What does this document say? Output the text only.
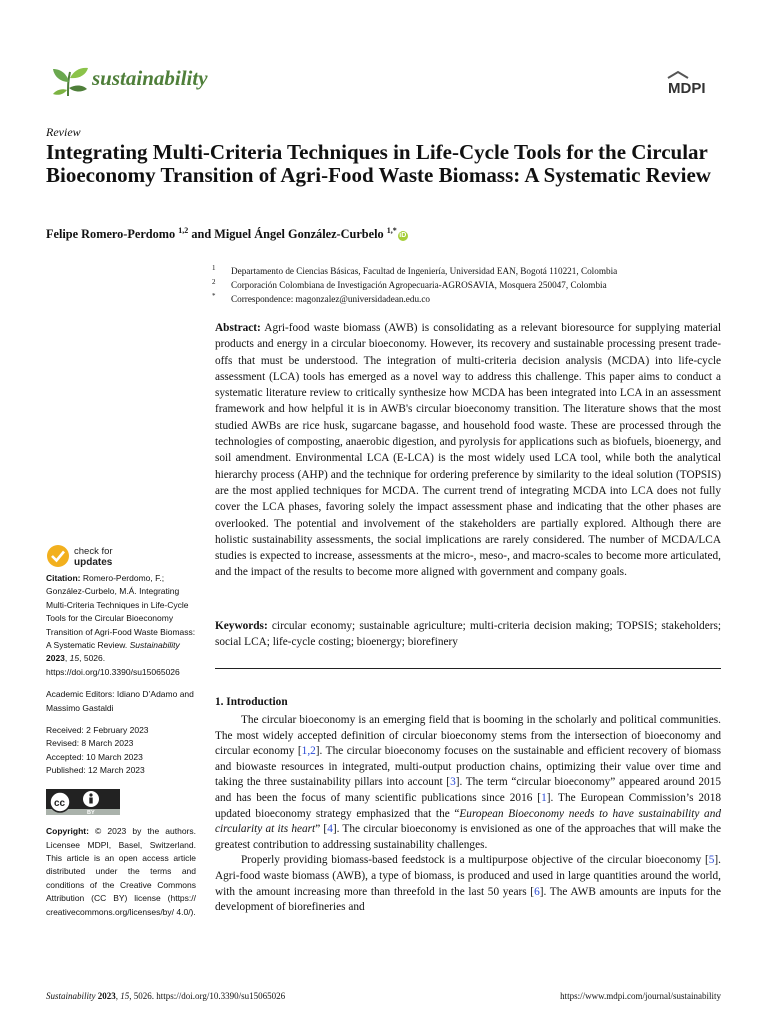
sustainability	MDPI
Review
Integrating Multi-Criteria Techniques in Life-Cycle Tools for the Circular Bioeconomy Transition of Agri-Food Waste Biomass: A Systematic Review
Felipe Romero-Perdomo $^{1,2}$ and Miguel Ángel González-Curbelo $^{1,*}$iD
1 Departamento de Ciencias Básicas, Facultad de Ingeniería, Universidad EAN, Bogotá 110221, Colombia
2 Corporación Colombiana de Investigación Agropecuaria-AGROSAVIA, Mosquera 250047, Colombia
* Correspondence: magonzalez@universidadean.edu.co
Abstract: Agri-food waste biomass (AWB) is consolidating as a relevant bioresource for supplying material products and energy in a circular bioeconomy. However, its recovery and sustainable processing present trade-offs that must be understood. The integration of multi-criteria decision analysis (MCDA) into life-cycle assessment (LCA) tools has emerged as a novel way to address this challenge. This paper aims to conduct a systematic literature review to critically synthesize how MCDA has been integrated into LCA in an assessment framework and how helpful it is in AWB's circular bioeconomy transition. The literature shows that the most studied AWBs are rice husk, sugarcane bagasse, and household food waste. These are processed through the technologies of composting, anaerobic digestion, and pyrolysis for applications such as biofuels, bioenergy, and soil amendment. Environmental LCA (E-LCA) is the most widely used LCA tool, while both the analytical hierarchy process (AHP) and the technique for ordering preference by similarity to the ideal solution (TOPSIS) are the most applied techniques for MCDA. The current trend of integrating MCDA into LCA does not fully cover the LCA phases, favoring solely the impact assessment phase and indicating that the other phases are overlooked. The potential and involvement of the stakeholders are partially explored. Although there are holistic sustainability assessments, the social implications are rarely considered. The number of MCDA/LCA studies is expected to increase, assessments at the micro-, meso-, and macro-scales to become more articulated, and the impact of the results to become more aligned with government and company goals.
Keywords: circular economy; sustainable agriculture; multi-criteria decision making; TOPSIS; stakeholders; social LCA; life-cycle costing; bioenergy; biorefinery
1. Introduction

The circular bioeconomy is an emerging field that is booming in the scholarly and political communities. The most widely accepted definition of circular bioeconomy stems from the intersection of bioeconomy and circular economy [1,2]. The circular bioeconomy focuses on the sustainable and efficient recovery of biomass and biowaste resources in integrated, multi-output production chains, optimizing their value over time and taking the three sustainability pillars into account [3]. The term “circular bioeconomy” appeared around 2015 and has been the focus of many scientific publications since 2016 [1]. The European Commission’s 2018 updated bioeconomy strategy emphasized that the “European Bioeconomy needs to have sustainability and circularity at its heart” [4]. The circular bioeconomy is envisioned as one of the approaches that will make the greatest contribution to addressing sustainability challenges.

Properly providing biomass-based feedstock is a multipurpose objective of the circular bioeconomy [5]. Agri-food waste biomass (AWB), a type of biomass, is produced and used in large quantities around the world, with the amount increasing more than threefold in the last 50 years [6]. The AWB amounts are inputs for the development of biorefineries and

check for
updates
Citation: Romero-Perdomo, F.; González-Curbelo, M.Á. Integrating Multi-Criteria Techniques in Life-Cycle Tools for the Circular Bioeconomy Transition of Agri-Food Waste Biomass: A Systematic Review. Sustainability 2023, 15, 5026. https://doi.org/10.3390/su15065026
Academic Editors: Idiano D’Adamo and Massimo Gastaldi
Received: 2 February 2023
Revised: 8 March 2023
Accepted: 10 March 2023
Published: 12 March 2023
cc
BY
Copyright: © 2023 by the authors. Licensee MDPI, Basel, Switzerland. This article is an open access article distributed under the terms and conditions of the Creative Commons Attribution (CC BY) license (https:// creativecommons.org/licenses/by/ 4.0/).
Sustainability 2023, 15, 5026. https://doi.org/10.3390/su15065026	https://www.mdpi.com/journal/sustainability
